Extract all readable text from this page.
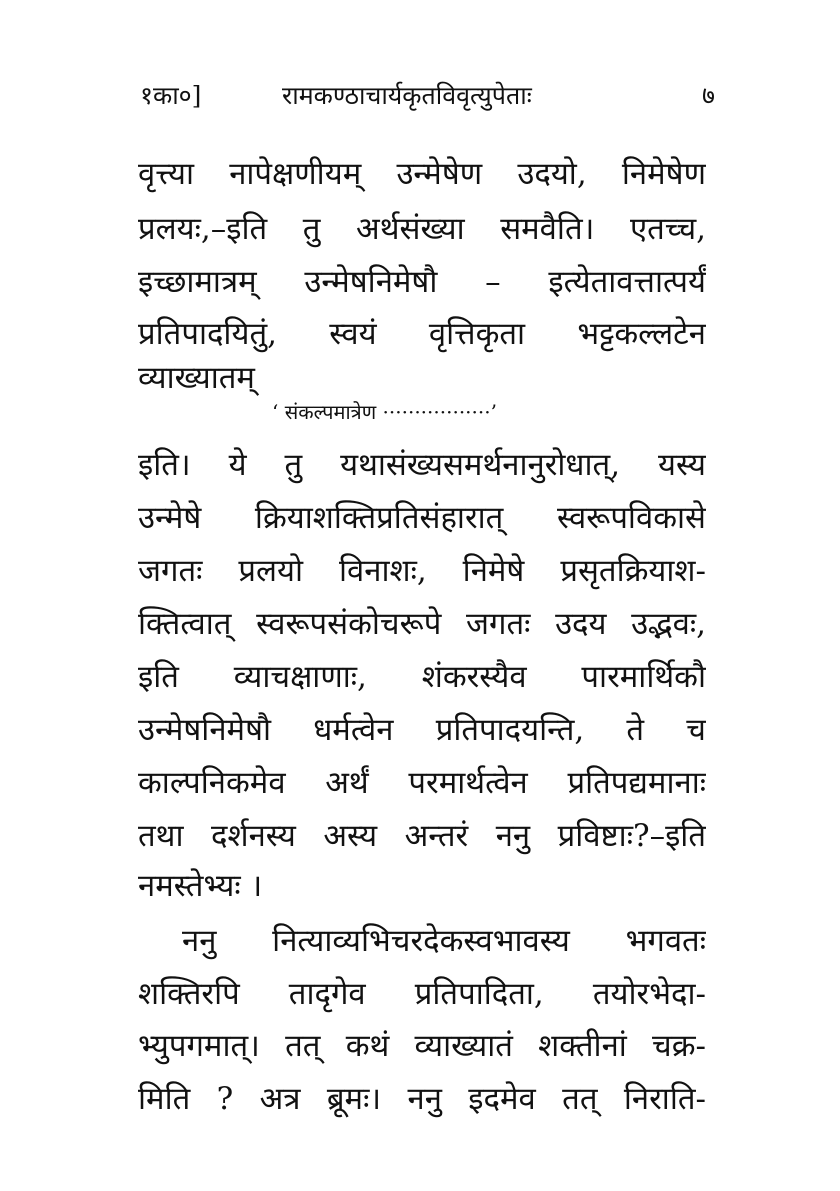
१का०]	रामकण्ठाचार्यकृतविवृत्युपेताः	७
वृत्त्या नापेक्षणीयम् उन्मेषेण उदयो, निमेषेण
प्रलयः,–इति तु अर्थसंख्या समवैति। एतच्च,
इच्छामात्रम् उन्मेषनिमेषौ – इत्येतावत्तात्पर्यं
प्रतिपादयितुं, स्वयं वृत्तिकृता भट्टकल्लटेन
व्याख्यातम्
‘ संकल्पमात्रेण ·················’
इति। ये तु यथासंख्यसमर्थनानुरोधात्, यस्य
उन्मेषे क्रियाशक्तिप्रतिसंहारात् स्वरूपविकासे
जगतः प्रलयो विनाशः, निमेषे प्रसृतक्रियाश-
क्तित्वात् स्वरूपसंकोचरूपे जगतः उदय उद्भवः,
इति व्याचक्षाणाः, शंकरस्यैव पारमार्थिकौ
उन्मेषनिमेषौ धर्मत्वेन प्रतिपादयन्ति, ते च
काल्पनिकमेव अर्थं परमार्थत्वेन प्रतिपद्यमानाः
तथा दर्शनस्य अस्य अन्तरं ननु प्रविष्टाः?–इति
नमस्तेभ्यः ।
ननु नित्याव्यभिचरदेकस्वभावस्य भगवतः
शक्तिरपि तादृगेव प्रतिपादिता, तयोरभेदा-
भ्युपगमात्। तत् कथं व्याख्यातं शक्तीनां चक्र-
मिति ? अत्र ब्रूमः। ननु इदमेव तत् निराति-
